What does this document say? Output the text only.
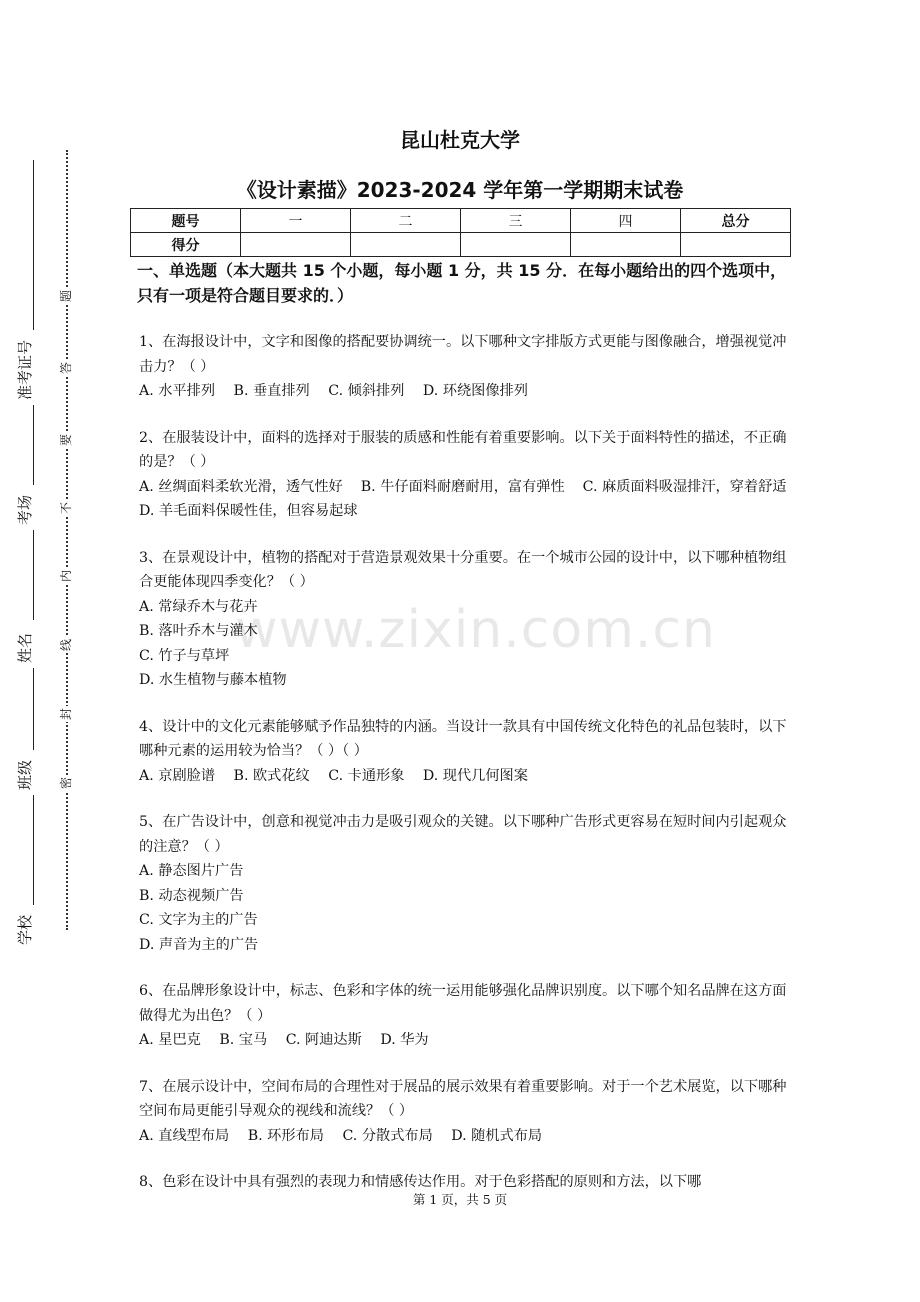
准考证号
考场
姓名
班级
学校
题
答
要
不
内
线
封
密
昆山杜克大学
《设计素描》2023-2024 学年第一学期期末试卷
题号	一	二	三	四	总分
得分					
一、单选题（本大题共 15 个小题，每小题 1 分，共 15 分．在每小题给出的四个选项中，只有一项是符合题目要求的．）
1、在海报设计中，文字和图像的搭配要协调统一。以下哪种文字排版方式更能与图像融合，增强视觉冲击力？（ ）
A. 水平排列 B. 垂直排列 C. 倾斜排列 D. 环绕图像排列
2、在服装设计中，面料的选择对于服装的质感和性能有着重要影响。以下关于面料特性的描述，不正确的是？（ ）
A. 丝绸面料柔软光滑，透气性好    B. 牛仔面料耐磨耐用，富有弹性    C. 麻质面料吸湿排汗，穿着舒适    D. 羊毛面料保暖性佳，但容易起球
3、在景观设计中，植物的搭配对于营造景观效果十分重要。在一个城市公园的设计中，以下哪种植物组合更能体现四季变化？（ ）
A. 常绿乔木与花卉
B. 落叶乔木与灌木
C. 竹子与草坪
D. 水生植物与藤本植物
4、设计中的文化元素能够赋予作品独特的内涵。当设计一款具有中国传统文化特色的礼品包装时，以下哪种元素的运用较为恰当？（ ）（ ）
A. 京剧脸谱 B. 欧式花纹 C. 卡通形象 D. 现代几何图案
5、在广告设计中，创意和视觉冲击力是吸引观众的关键。以下哪种广告形式更容易在短时间内引起观众的注意？（ ）
A. 静态图片广告
B. 动态视频广告
C. 文字为主的广告
D. 声音为主的广告
6、在品牌形象设计中，标志、色彩和字体的统一运用能够强化品牌识别度。以下哪个知名品牌在这方面做得尤为出色？（ ）
A. 星巴克 B. 宝马 C. 阿迪达斯 D. 华为
7、在展示设计中，空间布局的合理性对于展品的展示效果有着重要影响。对于一个艺术展览，以下哪种空间布局更能引导观众的视线和流线？（ ）
A. 直线型布局 B. 环形布局 C. 分散式布局 D. 随机式布局
8、色彩在设计中具有强烈的表现力和情感传达作用。对于色彩搭配的原则和方法，以下哪
www.zixin.com.cn
第 1 页，共 5 页
